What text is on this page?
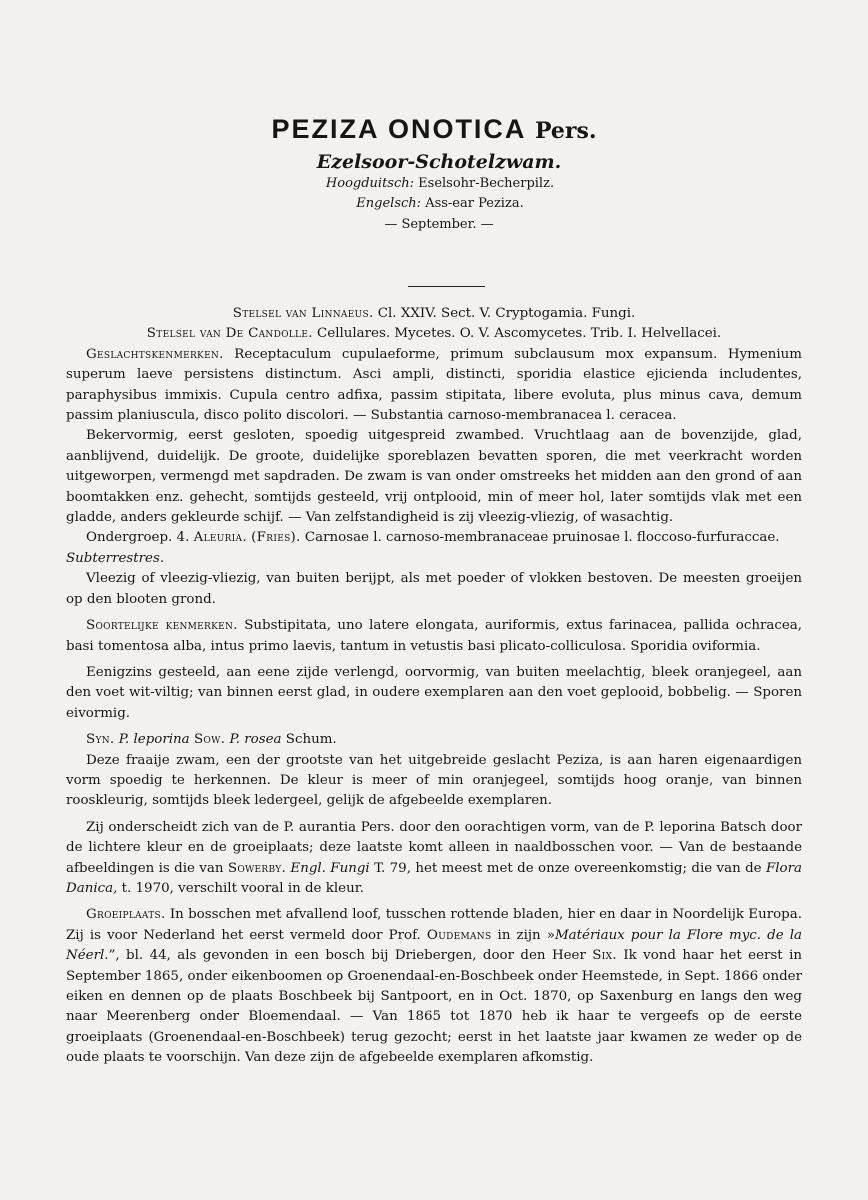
PEZIZA ONOTICA Pers.
Ezelsoor-Schotelzwam.
Hoogduitsch: Eselsohr-Becherpilz.
Engelsch: Ass-ear Peziza.
— September. —

Stelsel van Linnaeus. Cl. XXIV. Sect. V. Cryptogamia. Fungi.

Stelsel van De Candolle. Cellulares. Mycetes. O. V. Ascomycetes. Trib. I. Helvellacei.

Geslachtskenmerken. Receptaculum cupulaeforme, primum subclausum mox expansum. Hymenium superum laeve persistens distinctum. Asci ampli, distincti, sporidia elastice ejicienda includentes, paraphysibus immixis. Cupula centro adfixa, passim stipitata, libere evoluta, plus minus cava, demum passim planiuscula, disco polito discolori. — Substantia carnoso-membranacea l. ceracea.

Bekervormig, eerst gesloten, spoedig uitgespreid zwambed. Vruchtlaag aan de bovenzijde, glad, aanblijvend, duidelijk. De groote, duidelijke sporeblazen bevatten sporen, die met veerkracht worden uitgeworpen, vermengd met sapdraden. De zwam is van onder omstreeks het midden aan den grond of aan boomtakken enz. gehecht, somtijds gesteeld, vrij ontplooid, min of meer hol, later somtijds vlak met een gladde, anders gekleurde schijf. — Van zelfstandigheid is zij vleezig-vliezig, of wasachtig.

Ondergroep. 4. Aleuria. (Fries). Carnosae l. carnoso-membranaceae pruinosae l. floccoso-furfuraccae.

Subterrestres.

Vleezig of vleezig-vliezig, van buiten berijpt, als met poeder of vlokken bestoven. De meesten groeijen op den blooten grond.

Soortelijke kenmerken. Substipitata, uno latere elongata, auriformis, extus farinacea, pallida ochracea, basi tomentosa alba, intus primo laevis, tantum in vetustis basi plicato-colliculosa. Sporidia oviformia.

Eenigzins gesteeld, aan eene zijde verlengd, oorvormig, van buiten meelachtig, bleek oranjegeel, aan den voet wit-viltig; van binnen eerst glad, in oudere exemplaren aan den voet geplooid, bobbelig. — Sporen eivormig.

Syn. P. leporina Sow. P. rosea Schum.

Deze fraaije zwam, een der grootste van het uitgebreide geslacht Peziza, is aan haren eigenaardigen vorm spoedig te herkennen. De kleur is meer of min oranjegeel, somtijds hoog oranje, van binnen rooskleurig, somtijds bleek ledergeel, gelijk de afgebeelde exemplaren.

Zij onderscheidt zich van de P. aurantia Pers. door den oorachtigen vorm, van de P. leporina Batsch door de lichtere kleur en de groeiplaats; deze laatste komt alleen in naaldbosschen voor. — Van de bestaande afbeeldingen is die van Sowerby. Engl. Fungi T. 79, het meest met de onze overeenkomstig; die van de Flora Danica, t. 1970, verschilt vooral in de kleur.

Groeiplaats. In bosschen met afvallend loof, tusschen rottende bladen, hier en daar in Noordelijk Europa. Zij is voor Nederland het eerst vermeld door Prof. Oudemans in zijn »Matériaux pour la Flore myc. de la Néerl.”, bl. 44, als gevonden in een bosch bij Driebergen, door den Heer Six. Ik vond haar het eerst in September 1865, onder eikenboomen op Groenendaal-en-Boschbeek onder Heemstede, in Sept. 1866 onder eiken en dennen op de plaats Boschbeek bij Santpoort, en in Oct. 1870, op Saxenburg en langs den weg naar Meerenberg onder Bloemendaal. — Van 1865 tot 1870 heb ik haar te vergeefs op de eerste groeiplaats (Groenendaal-en-Boschbeek) terug gezocht; eerst in het laatste jaar kwamen ze weder op de oude plaats te voorschijn. Van deze zijn de afgebeelde exemplaren afkomstig.
